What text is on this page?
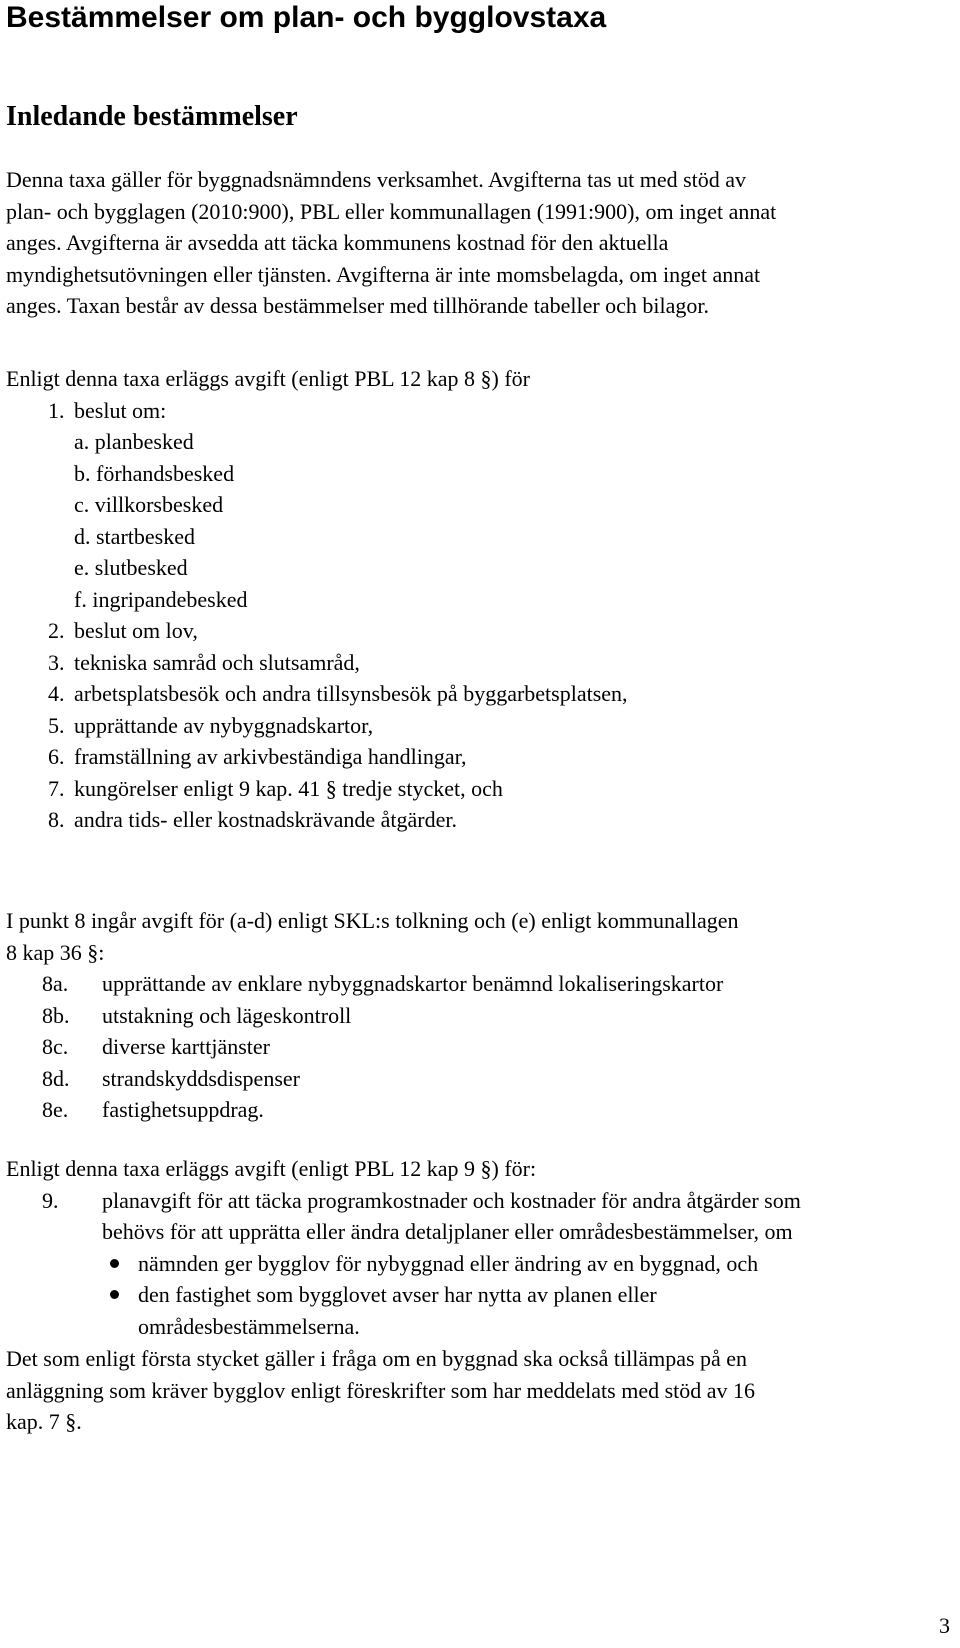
Bestämmelser om plan- och bygglovstaxa
Inledande bestämmelser
Denna taxa gäller för byggnadsnämndens verksamhet. Avgifterna tas ut med stöd av
plan- och bygglagen (2010:900), PBL eller kommunallagen (1991:900), om inget annat
anges. Avgifterna är avsedda att täcka kommunens kostnad för den aktuella
myndighetsutövningen eller tjänsten. Avgifterna är inte momsbelagda, om inget annat
anges. Taxan består av dessa bestämmelser med tillhörande tabeller och bilagor.
Enligt denna taxa erläggs avgift (enligt PBL 12 kap 8 §) för
1. beslut om:
a. planbesked
b. förhandsbesked
c. villkorsbesked
d. startbesked
e. slutbesked
f. ingripandebesked
2. beslut om lov,
3. tekniska samråd och slutsamråd,
4. arbetsplatsbesök och andra tillsynsbesök på byggarbetsplatsen,
5. upprättande av nybyggnadskartor,
6. framställning av arkivbeständiga handlingar,
7. kungörelser enligt 9 kap. 41 § tredje stycket, och
8. andra tids- eller kostnadskrävande åtgärder.
I punkt 8 ingår avgift för (a-d) enligt SKL:s tolkning och (e) enligt kommunallagen
8 kap 36 §:
8a.	upprättande av enklare nybyggnadskartor benämnd lokaliseringskartor
8b.	utstakning och lägeskontroll
8c.	diverse karttjänster
8d.	strandskyddsdispenser
8e.	fastighetsuppdrag.
Enligt denna taxa erläggs avgift (enligt PBL 12 kap 9 §) för:
9.	planavgift för att täcka programkostnader och kostnader för andra åtgärder som
behövs för att upprätta eller ändra detaljplaner eller områdesbestämmelser, om
nämnden ger bygglov för nybyggnad eller ändring av en byggnad, och
den fastighet som bygglovet avser har nytta av planen eller
områdesbestämmelserna.
Det som enligt första stycket gäller i fråga om en byggnad ska också tillämpas på en
anläggning som kräver bygglov enligt föreskrifter som har meddelats med stöd av 16
kap. 7 §.
3
